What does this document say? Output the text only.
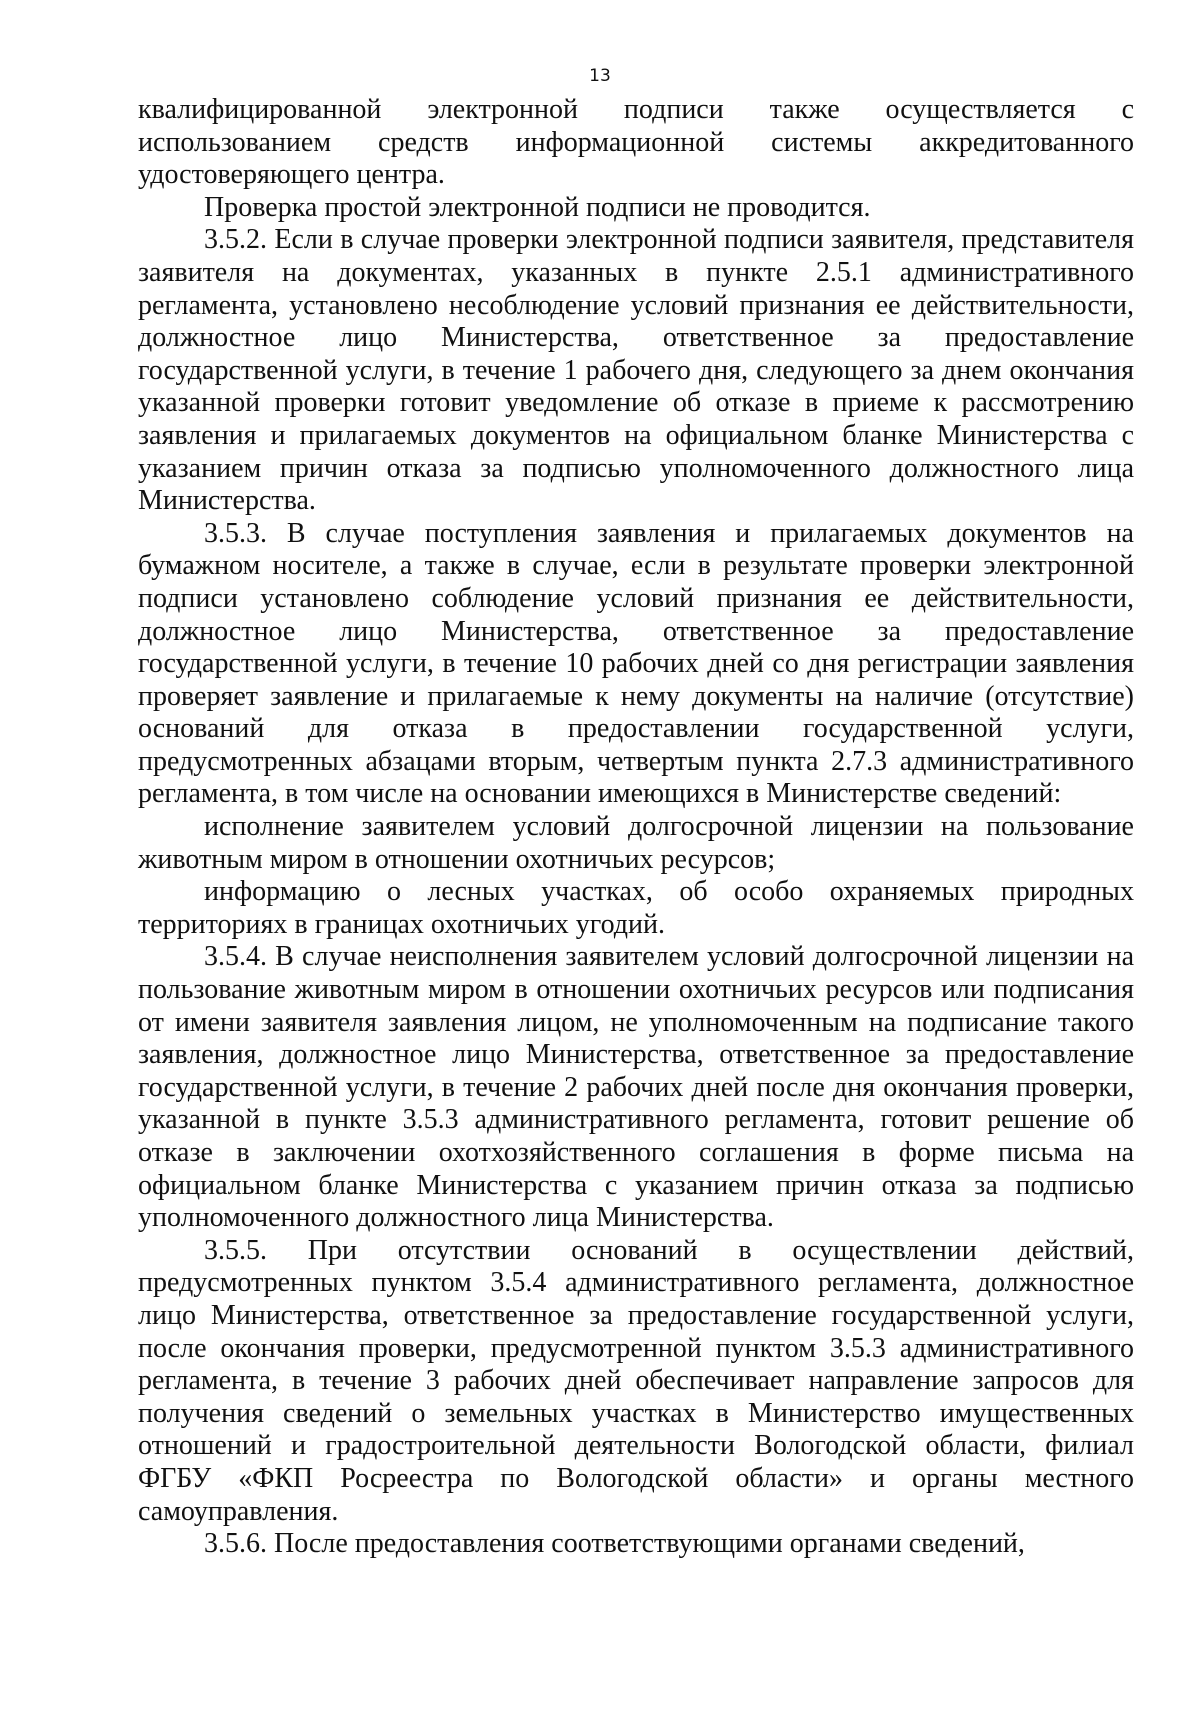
13

квалифицированной электронной подписи также осуществляется с использованием средств информационной системы аккредитованного удостоверяющего центра.

Проверка простой электронной подписи не проводится.

3.5.2. Если в случае проверки электронной подписи заявителя, представителя заявителя на документах, указанных в пункте 2.5.1 административного регламента, установлено несоблюдение условий признания ее действительности, должностное лицо Министерства, ответственное за предоставление государственной услуги, в течение 1 рабочего дня, следующего за днем окончания указанной проверки готовит уведомление об отказе в приеме к рассмотрению заявления и прилагаемых документов на официальном бланке Министерства с указанием причин отказа за подписью уполномоченного должностного лица Министерства.

3.5.3. В случае поступления заявления и прилагаемых документов на бумажном носителе, а также в случае, если в результате проверки электронной подписи установлено соблюдение условий признания ее действительности, должностное лицо Министерства, ответственное за предоставление государственной услуги, в течение 10 рабочих дней со дня регистрации заявления проверяет заявление и прилагаемые к нему документы на наличие (отсутствие) оснований для отказа в предоставлении государственной услуги, предусмотренных абзацами вторым, четвертым пункта 2.7.3 административного регламента, в том числе на основании имеющихся в Министерстве сведений:

исполнение заявителем условий долгосрочной лицензии на пользование животным миром в отношении охотничьих ресурсов;

информацию о лесных участках, об особо охраняемых природных территориях в границах охотничьих угодий.

3.5.4. В случае неисполнения заявителем условий долгосрочной лицензии на пользование животным миром в отношении охотничьих ресурсов или подписания от имени заявителя заявления лицом, не уполномоченным на подписание такого заявления, должностное лицо Министерства, ответственное за предоставление государственной услуги, в течение 2 рабочих дней после дня окончания проверки, указанной в пункте 3.5.3 административного регламента, готовит решение об отказе в заключении охотхозяйственного соглашения в форме письма на официальном бланке Министерства с указанием причин отказа за подписью уполномоченного должностного лица Министерства.

3.5.5. При отсутствии оснований в осуществлении действий, предусмотренных пунктом 3.5.4 административного регламента, должностное лицо Министерства, ответственное за предоставление государственной услуги, после окончания проверки, предусмотренной пунктом 3.5.3 административного регламента, в течение 3 рабочих дней обеспечивает направление запросов для получения сведений о земельных участках в Министерство имущественных отношений и градостроительной деятельности Вологодской области, филиал ФГБУ «ФКП Росреестра по Вологодской области» и органы местного самоуправления.

3.5.6. После предоставления соответствующими органами сведений,
